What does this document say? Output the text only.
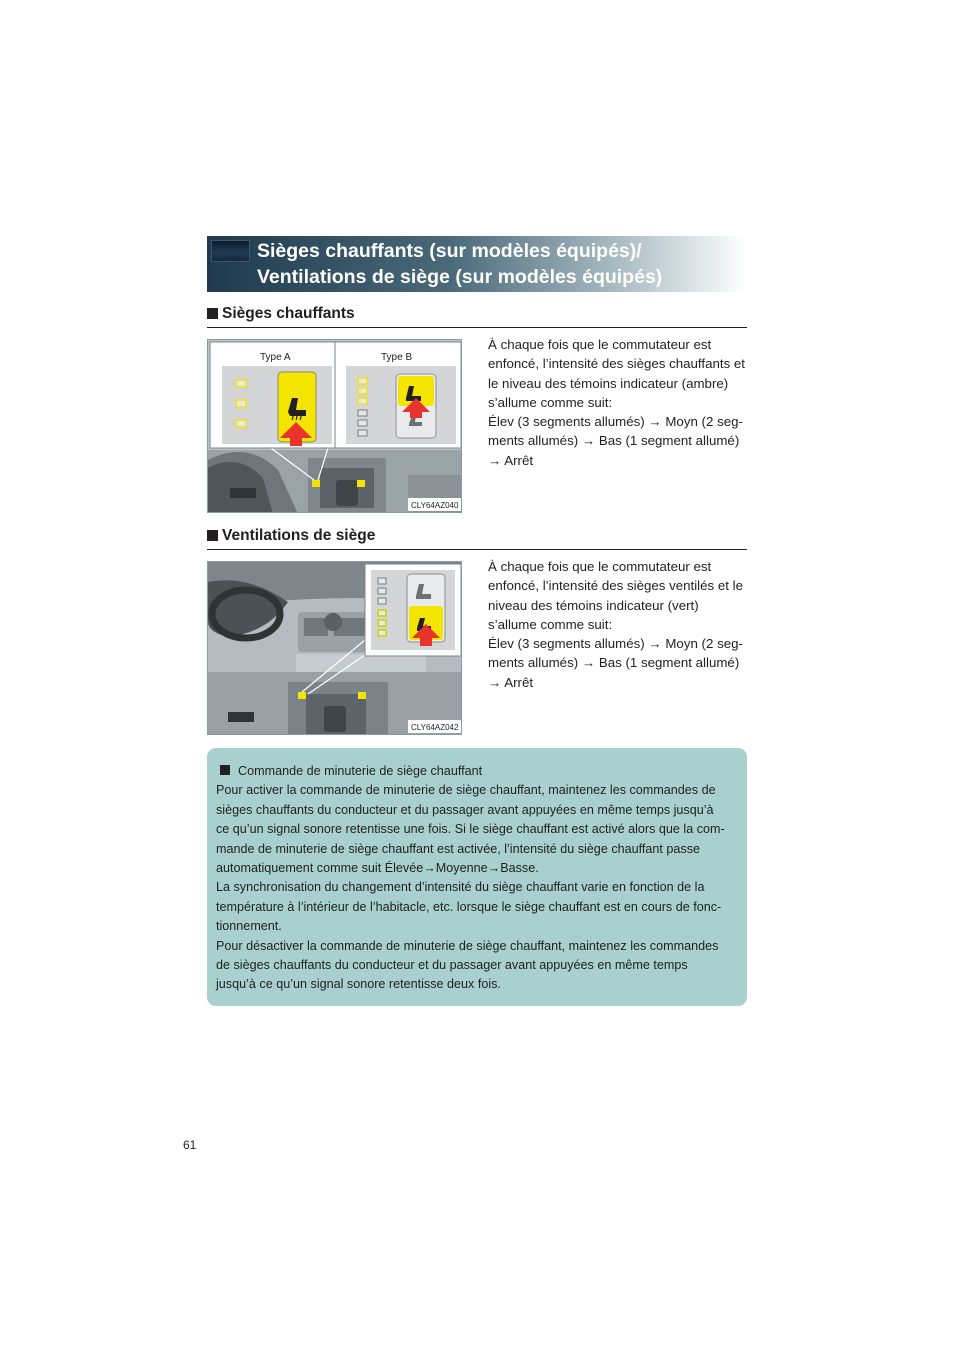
Sièges chauffants (sur modèles équipés)/
Ventilations de siège (sur modèles équipés)
Sièges chauffants
Type A	Type B
CLY64AZ040

À chaque fois que le commutateur est

enfoncé, l’intensité des sièges chauffants et

le niveau des témoins indicateur (ambre)

s’allume comme suit:

Élev (3 segments allumés) → Moyn (2 seg-

ments allumés) → Bas (1 segment allumé)

→ Arrêt

Ventilations de siège
CLY64AZ042

À chaque fois que le commutateur est

enfoncé, l’intensité des sièges ventilés et le

niveau des témoins indicateur (vert)

s’allume comme suit:

Élev (3 segments allumés) → Moyn (2 seg-

ments allumés) → Bas (1 segment allumé)

→ Arrêt

Commande de minuterie de siège chauffant

Pour activer la commande de minuterie de siège chauffant, maintenez les commandes de

sièges chauffants du conducteur et du passager avant appuyées en même temps jusqu’à

ce qu’un signal sonore retentisse une fois. Si le siège chauffant est activé alors que la com-

mande de minuterie de siège chauffant est activée, l’intensité du siège chauffant passe

automatiquement comme suit Élevée→Moyenne→Basse.

La synchronisation du changement d’intensité du siège chauffant varie en fonction de la

température à l’intérieur de l’habitacle, etc. lorsque le siège chauffant est en cours de fonc-

tionnement.

Pour désactiver la commande de minuterie de siège chauffant, maintenez les commandes

de sièges chauffants du conducteur et du passager avant appuyées en même temps

jusqu’à ce qu’un signal sonore retentisse deux fois.

61
